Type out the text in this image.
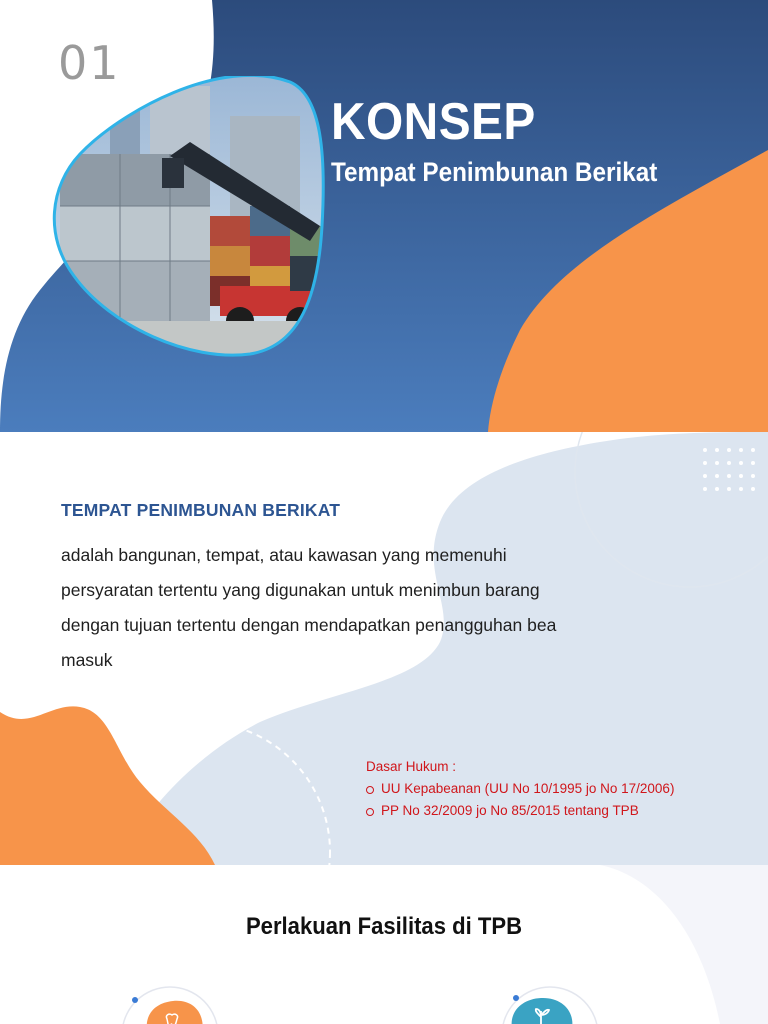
01
KONSEP
Tempat Penimbunan Berikat
TEMPAT PENIMBUNAN BERIKAT
adalah bangunan, tempat, atau kawasan yang memenuhi persyaratan tertentu yang digunakan untuk menimbun barang dengan tujuan tertentu dengan mendapatkan penangguhan bea masuk
Dasar Hukum :
UU Kepabeanan (UU No 10/1995 jo No 17/2006)
PP No 32/2009 jo No 85/2015 tentang TPB
Perlakuan Fasilitas di TPB
